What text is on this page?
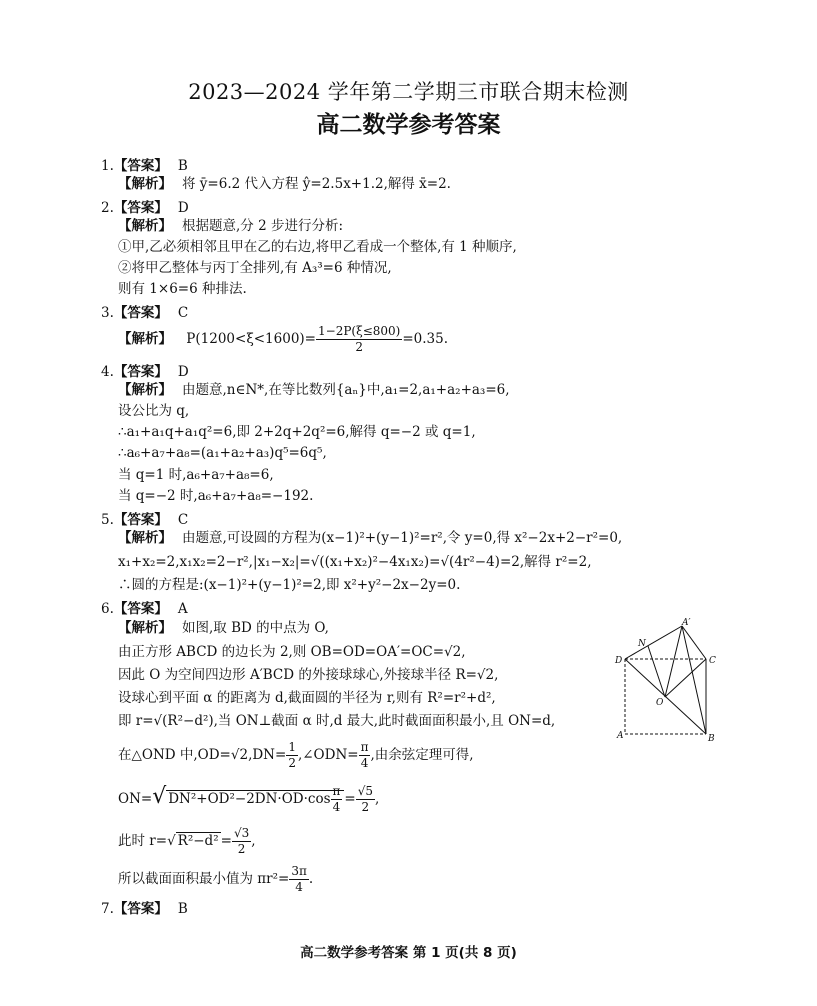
2023—2024 学年第二学期三市联合期末检测
高二数学参考答案
1.【答案】 B
【解析】 将 ȳ=6.2 代入方程 ŷ=2.5x+1.2,解得 x̄=2.
2.【答案】 D
【解析】 根据题意,分 2 步进行分析:
①甲,乙必须相邻且甲在乙的右边,将甲乙看成一个整体,有 1 种顺序,
②将甲乙整体与丙丁全排列,有 A₃³=6 种情况,
则有 1×6=6 种排法.
3.【答案】 C
【解析】 $P(1200<\xi<1600)= \frac{1-2P(\xi\le 800)}{2} =0.35$.
4.【答案】 D
【解析】 由题意,n∈N*,在等比数列{aₙ}中,a₁=2,a₁+a₂+a₃=6,
设公比为 q,
∴a₁+a₁q+a₁q²=6,即 2+2q+2q²=6,解得 q=−2 或 q=1,
∴a₆+a₇+a₈=(a₁+a₂+a₃)q⁵=6q⁵,
当 q=1 时,a₆+a₇+a₈=6,
当 q=−2 时,a₆+a₇+a₈=−192.
5.【答案】 C
【解析】 由题意,可设圆的方程为(x−1)²+(y−1)²=r²,令 y=0,得 x²−2x+2−r²=0,
x₁+x₂=2,x₁x₂=2−r²,|x₁−x₂|=√((x₁+x₂)²−4x₁x₂)=√(4r²−4)=2,解得 r²=2,
∴圆的方程是:(x−1)²+(y−1)²=2,即 x²+y²−2x−2y=0.
6.【答案】 A
【解析】 如图,取 BD 的中点为 O,
由正方形 ABCD 的边长为 2,则 OB=OD=OA′=OC=√2,
因此 O 为空间四边形 A′BCD 的外接球球心,外接球半径 R=√2,
设球心到平面 α 的距离为 d,截面圆的半径为 r,则有 R²=r²+d²,
即 r=√(R²−d²),当 ON⊥截面 α 时,d 最大,此时截面面积最小,且 ON=d,
在△OND 中$,OD=√2,DN= \frac{1}{2}$ ,∠ODN= $\frac{\pi}{4}$ ,由余弦定理可得,
ON=√ $DN^2+OD^2-2DN\cdot OD\cdot\cos \frac{\pi}{4} = \frac{√5}{2}$ ,
此时 r=√ $R^2-d^2 = \frac{√3}{2}$ ,
所以截面面积最小值为 $\pi r^2= \frac{3\pi}{4}$ .
7.【答案】 B
A′
N
D	C
O
A	B
高二数学参考答案 第 1 页(共 8 页)
